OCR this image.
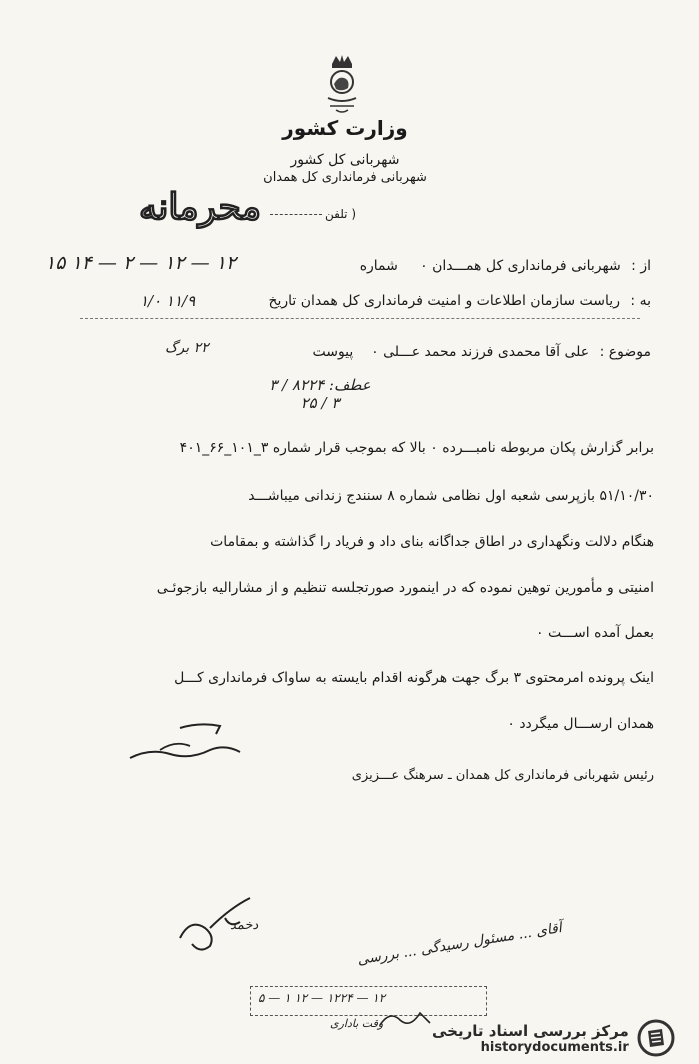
وزارت کشور
شهربانی کل کشور
شهربانی فرمانداری کل همدان
محرمانه	( تلفن
۱۵ ۱۴ — ۲ — ۱۲ — ۱۲	از : شهربانی فرمانداری کل همـــدان ۰     شماره
۱/۰ ۱۱/۹	به : ریاست سازمان اطلاعات و امنیت فرمانداری کل همدان تاریخ
۲۲ برگ	موضوع : علی آقا محمدی فرزند محمد عـــلی ۰    پیوست
عطف: ۸۲۲۴ / ۳
۳ / ۲۵
برابر گزارش پکان مربوطه نامبـــرده ۰ بالا که بموجب قرار شماره ۳_۱۰۱_۶۶_۴۰۱
۵۱/۱۰/۳۰ بازپرسی شعبه اول نظامی شماره ۸ سنندج زندانی میباشـــد
هنگام دلالت ونگهداری در اطاق جداگانه بنای داد و فریاد را گذاشته و بمقامات
امنیتی و مأمورین توهین نموده که در اینمورد صورتجلسه تنظیم و از مشارالیه بازجوئـی
بعمل آمده اســـت ۰
اینک پرونده امرمحتوی ۳ برگ جهت هرگونه اقدام بایسته به ساواک فرمانداری کـــل
همدان ارســـال میگردد ۰
رئیس شهربانی فرمانداری کل همدان ـ سرهنگ عـــزیزی
دخمد	آقای ... مسئول رسیدگی ... بررسی
۵ — ۱ ۱۲ — ۱۲۲۴ — ۱۲
وقت باداری	مرکز بررسی اسناد تاریخی
historydocuments.ir
